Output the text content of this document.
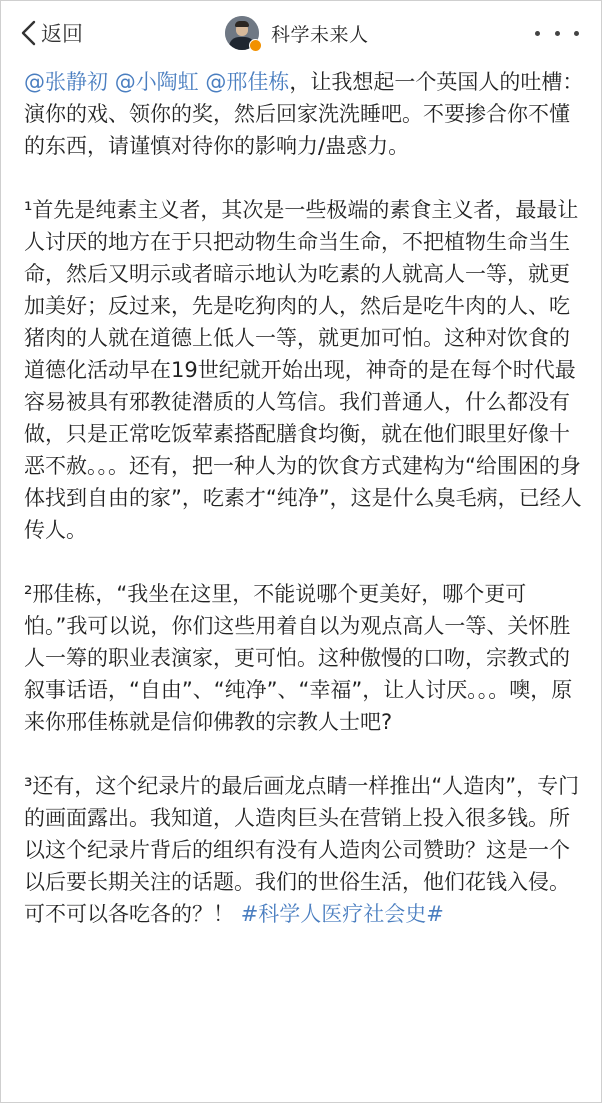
返回	科学未来人

@张静初 @小陶虹 @邢佳栋，让我想起一个英国人的吐槽：演你的戏、领你的奖，然后回家洗洗睡吧。不要掺合你不懂的东西，请谨慎对待你的影响力/蛊惑力。

¹首先是纯素主义者，其次是一些极端的素食主义者，最最让人讨厌的地方在于只把动物生命当生命，不把植物生命当生命，然后又明示或者暗示地认为吃素的人就高人一等，就更加美好；反过来，先是吃狗肉的人，然后是吃牛肉的人、吃猪肉的人就在道德上低人一等，就更加可怕。这种对饮食的道德化活动早在19世纪就开始出现，神奇的是在每个时代最容易被具有邪教徒潜质的人笃信。我们普通人，什么都没有做，只是正常吃饭荤素搭配膳食均衡，就在他们眼里好像十恶不赦。。。还有，把一种人为的饮食方式建构为“给围困的身体找到自由的家”，吃素才“纯净”，这是什么臭毛病，已经人传人。

²邢佳栋，“我坐在这里，不能说哪个更美好，哪个更可怕。”我可以说，你们这些用着自以为观点高人一等、关怀胜人一筹的职业表演家，更可怕。这种傲慢的口吻，宗教式的叙事话语，“自由”、“纯净”、“幸福”，让人讨厌。。。噢，原来你邢佳栋就是信仰佛教的宗教人士吧?

³还有，这个纪录片的最后画龙点睛一样推出“人造肉”，专门的画面露出。我知道，人造肉巨头在营销上投入很多钱。所以这个纪录片背后的组织有没有人造肉公司赞助？这是一个以后要长期关注的话题。我们的世俗生活，他们花钱入侵。可不可以各吃各的？！ #科学人医疗社会史#
